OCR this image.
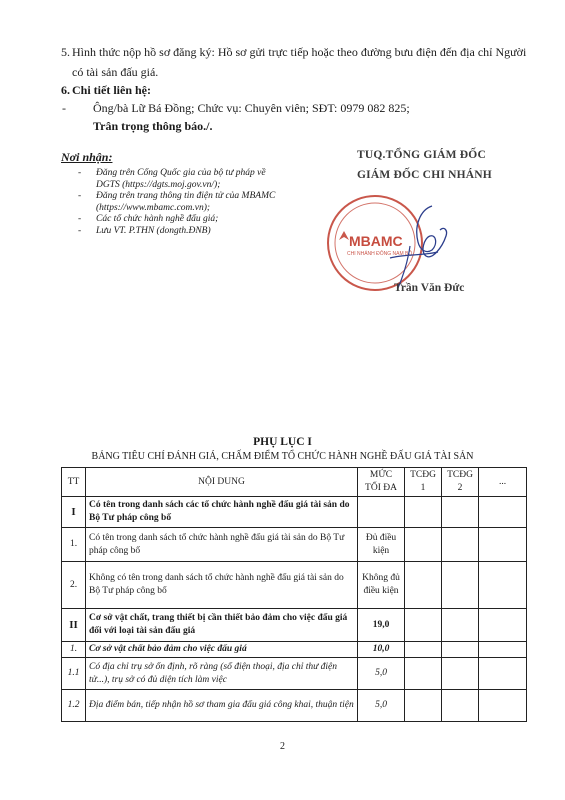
5. Hình thức nộp hồ sơ đăng ký: Hồ sơ gửi trực tiếp hoặc theo đường bưu điện đến địa chỉ Người
có tài sản đấu giá.
6. Chi tiết liên hệ:
- Ông/bà Lữ Bá Đồng; Chức vụ: Chuyên viên; SĐT: 0979 082 825;
Trân trọng thông báo./.
Nơi nhận:
- Đăng trên Cổng Quốc gia của bộ tư pháp về
DGTS (https://dgts.moj.gov.vn/);
- Đăng trên trang thông tin điện tử của MBAMC
(https://www.mbamc.com.vn);
- Các tổ chức hành nghề đấu giá;
- Lưu VT. P.THN (dongth.ĐNB)
TUQ.TỔNG GIÁM ĐỐC
GIÁM ĐỐC CHI NHÁNH
MBAMC
CHI NHÁNH ĐÔNG NAM BỘ
Trần Văn Đức
PHỤ LỤC I
BẢNG TIÊU CHÍ ĐÁNH GIÁ, CHẤM ĐIỂM TỔ CHỨC HÀNH NGHỀ ĐẤU GIÁ TÀI SẢN
TT	NỘI DUNG	MỨC TỐI ĐA	TCĐG 1	TCĐG 2	...
I	Có tên trong danh sách các tổ chức hành nghề đấu giá tài sản do Bộ Tư pháp công bố				
1.	Có tên trong danh sách tổ chức hành nghề đấu giá tài sản do Bộ Tư pháp công bố	Đủ điều kiện			
2.	Không có tên trong danh sách tổ chức hành nghề đấu giá tài sản do Bộ Tư pháp công bố	Không đủ điều kiện			
II	Cơ sở vật chất, trang thiết bị cần thiết bảo đảm cho việc đấu giá đối với loại tài sản đấu giá	19,0			
1.	Cơ sở vật chất bảo đảm cho việc đấu giá	10,0			
1.1	Có địa chỉ trụ sở ổn định, rõ ràng (số điện thoại, địa chỉ thư điện tử...), trụ sở có đủ diện tích làm việc	5,0			
1.2	Địa điểm bán, tiếp nhận hồ sơ tham gia đấu giá công khai, thuận tiện	5,0			
2
